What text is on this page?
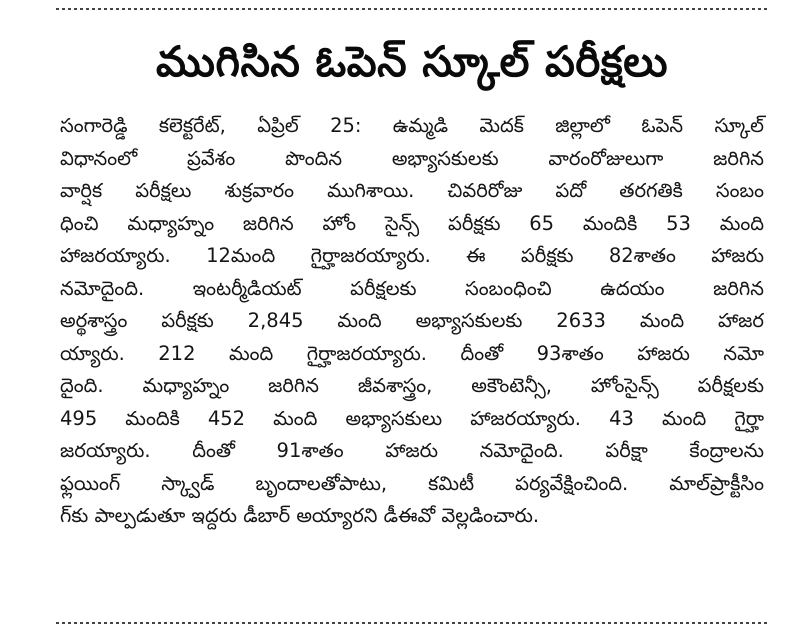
ముగిసిన ఓపెన్ స్కూల్ పరీక్షలు
సంగారెడ్డి కలెక్టరేట్, ఏప్రిల్ 25: ఉమ్మడి మెదక్ జిల్లాలో ఓపెన్ స్కూల్
విధానంలో ప్రవేశం పొందిన అభ్యాసకులకు వారంరోజులుగా జరిగిన
వార్షిక పరీక్షలు శుక్రవారం ముగిశాయి. చివరిరోజు పదో తరగతికి సంబం
ధించి మధ్యాహ్నం జరిగిన హోం సైన్స్ పరీక్షకు 65 మందికి 53 మంది
హాజరయ్యారు. 12మంది గైర్హాజరయ్యారు. ఈ పరీక్షకు 82శాతం హాజరు
నమోదైంది. ఇంటర్మీడియట్ పరీక్షలకు సంబంధించి ఉదయం జరిగిన
అర్థశాస్త్రం పరీక్షకు 2,845 మంది అభ్యాసకులకు 2633 మంది హాజర
య్యారు. 212 మంది గైర్హాజరయ్యారు. దీంతో 93శాతం హాజరు నమో
దైంది. మధ్యాహ్నం జరిగిన జీవశాస్త్రం, అకౌంటెన్సీ, హోంసైన్స్ పరీక్షలకు
495 మందికి 452 మంది అభ్యాసకులు హాజరయ్యారు. 43 మంది గైర్హా
జరయ్యారు. దీంతో 91శాతం హాజరు నమోదైంది. పరీక్షా కేంద్రాలను
ఫ్లయింగ్ స్క్వాడ్ బృందాలతోపాటు, కమిటీ పర్యవేక్షించింది. మాల్‌ప్రాక్టీసిం
గ్‌కు పాల్పడుతూ ఇద్దరు డీబార్ అయ్యారని డీఈవో వెల్లడించారు.
